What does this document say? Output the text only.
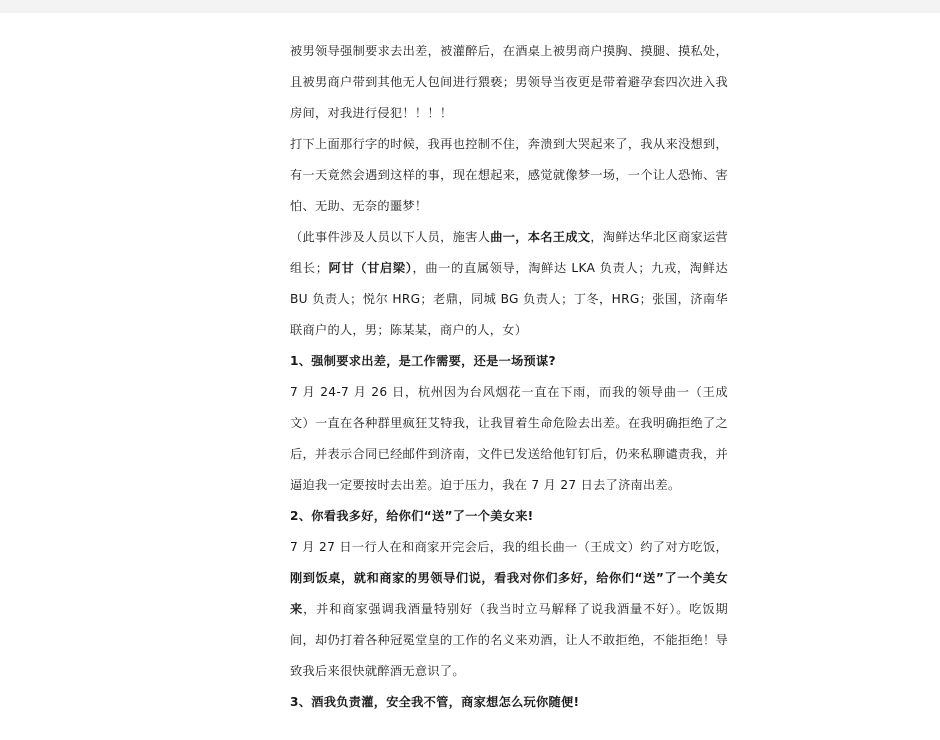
被男领导强制要求去出差，被灌醉后，在酒桌上被男商户摸胸、摸腿、摸私处，且被男商户带到其他无人包间进行猥亵；男领导当夜更是带着避孕套四次进入我房间，对我进行侵犯！！！！

打下上面那行字的时候，我再也控制不住，奔溃到大哭起来了，我从来没想到，有一天竟然会遇到这样的事，现在想起来，感觉就像梦一场，一个让人恐怖、害怕、无助、无奈的噩梦！

（此事件涉及人员以下人员，施害人曲一，本名王成文，淘鲜达华北区商家运营组长；阿甘（甘启梁），曲一的直属领导，淘鲜达 LKA 负责人；九戎，淘鲜达 BU 负责人；悦尔 HRG；老鼎，同城 BG 负责人；丁冬，HRG；张国，济南华联商户的人，男；陈某某，商户的人，女）

1、强制要求出差，是工作需要，还是一场预谋?

7 月 24-7 月 26 日，杭州因为台风烟花一直在下雨，而我的领导曲一（王成文）一直在各种群里疯狂艾特我，让我冒着生命危险去出差。在我明确拒绝了之后，并表示合同已经邮件到济南，文件已发送给他钉钉后，仍来私聊谴责我，并逼迫我一定要按时去出差。迫于压力，我在 7 月 27 日去了济南出差。

2、你看我多好，给你们“送”了一个美女来!

7 月 27 日一行人在和商家开完会后，我的组长曲一（王成文）约了对方吃饭，刚到饭桌，就和商家的男领导们说，看我对你们多好，给你们“送”了一个美女来，并和商家强调我酒量特别好（我当时立马解释了说我酒量不好）。吃饭期间，却仍打着各种冠冕堂皇的工作的名义来劝酒，让人不敢拒绝，不能拒绝！导致我后来很快就醉酒无意识了。

3、酒我负责灌，安全我不管，商家想怎么玩你随便!
